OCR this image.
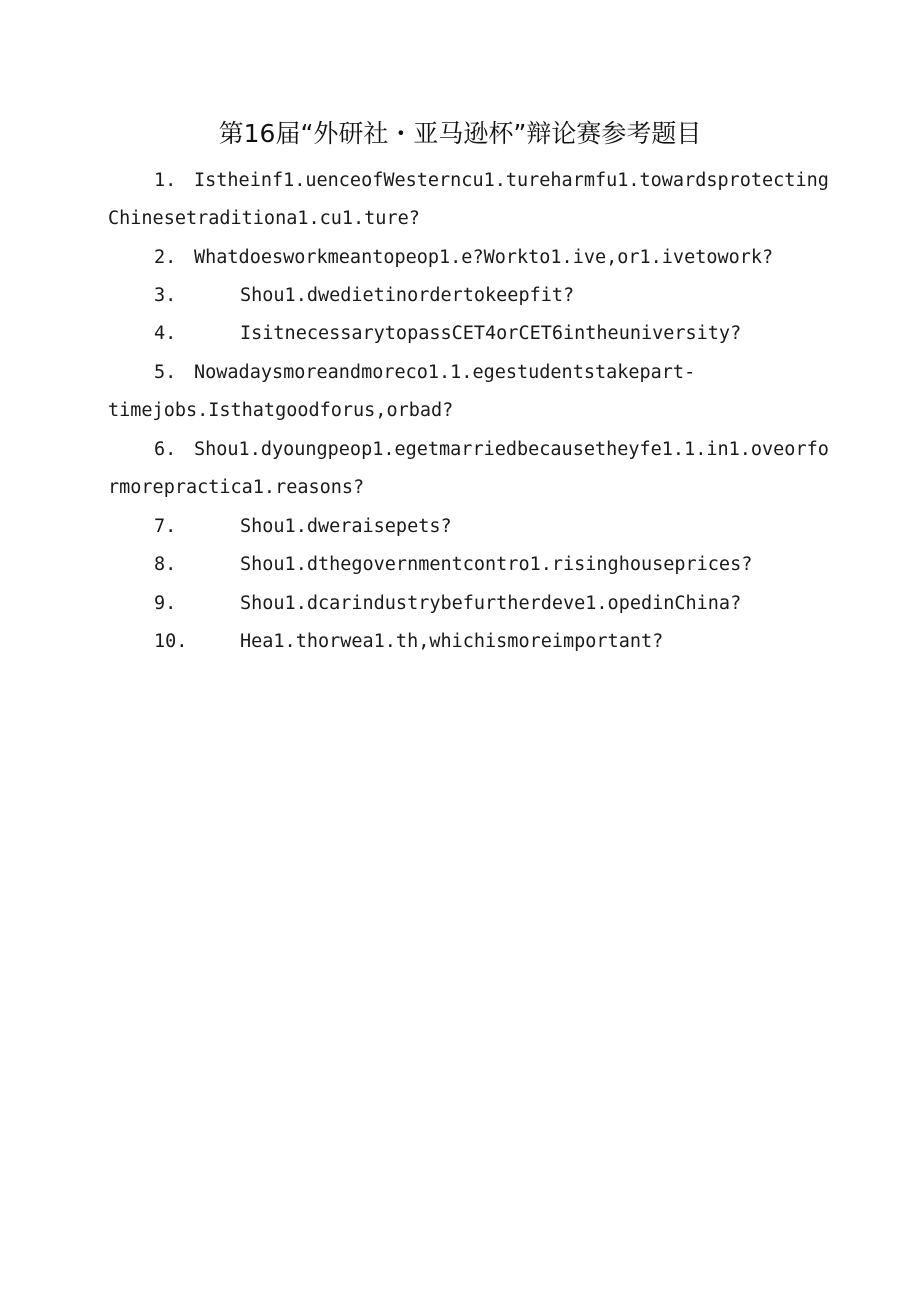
第16届“外研社・亚马逊杯”辩论赛参考题目
1. Istheinf1.uenceofWesterncu1.tureharmfu1.towardsprotecting
Chinesetraditiona1.cu1.ture?
2. Whatdoesworkmeantopeop1.e?Workto1.ive,or1.ivetowork?
3.	Shou1.dwedietinordertokeepfit?
4.	IsitnecessarytopassCET4orCET6intheuniversity?
5. Nowadaysmoreandmoreco1.1.egestudentstakepart-
timejobs.Isthatgoodforus,orbad?
6. Shou1.dyoungpeop1.egetmarriedbecausetheyfe1.1.in1.oveorfo
rmorepractica1.reasons?
7.	Shou1.dweraisepets?
8.	Shou1.dthegovernmentcontro1.risinghouseprices?
9.	Shou1.dcarindustrybefurtherdeve1.opedinChina?
10.	Hea1.thorwea1.th,whichismoreimportant?
